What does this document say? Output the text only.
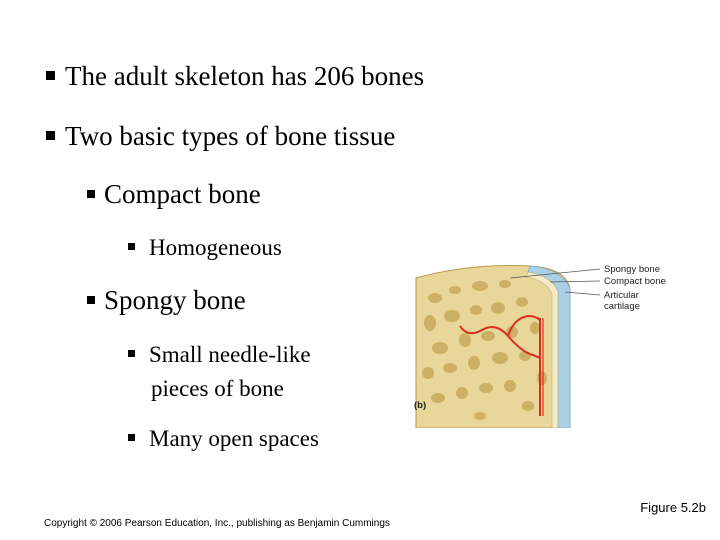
The adult skeleton has 206 bones
Two basic types of bone tissue
Compact bone
Homogeneous
Spongy bone
Small needle-like
pieces of bone
Many open spaces
Spongy bone
Compact bone
Articular
cartilage
(b)
Figure 5.2b
Copyright © 2006 Pearson Education, Inc., publishing as Benjamin Cummings
